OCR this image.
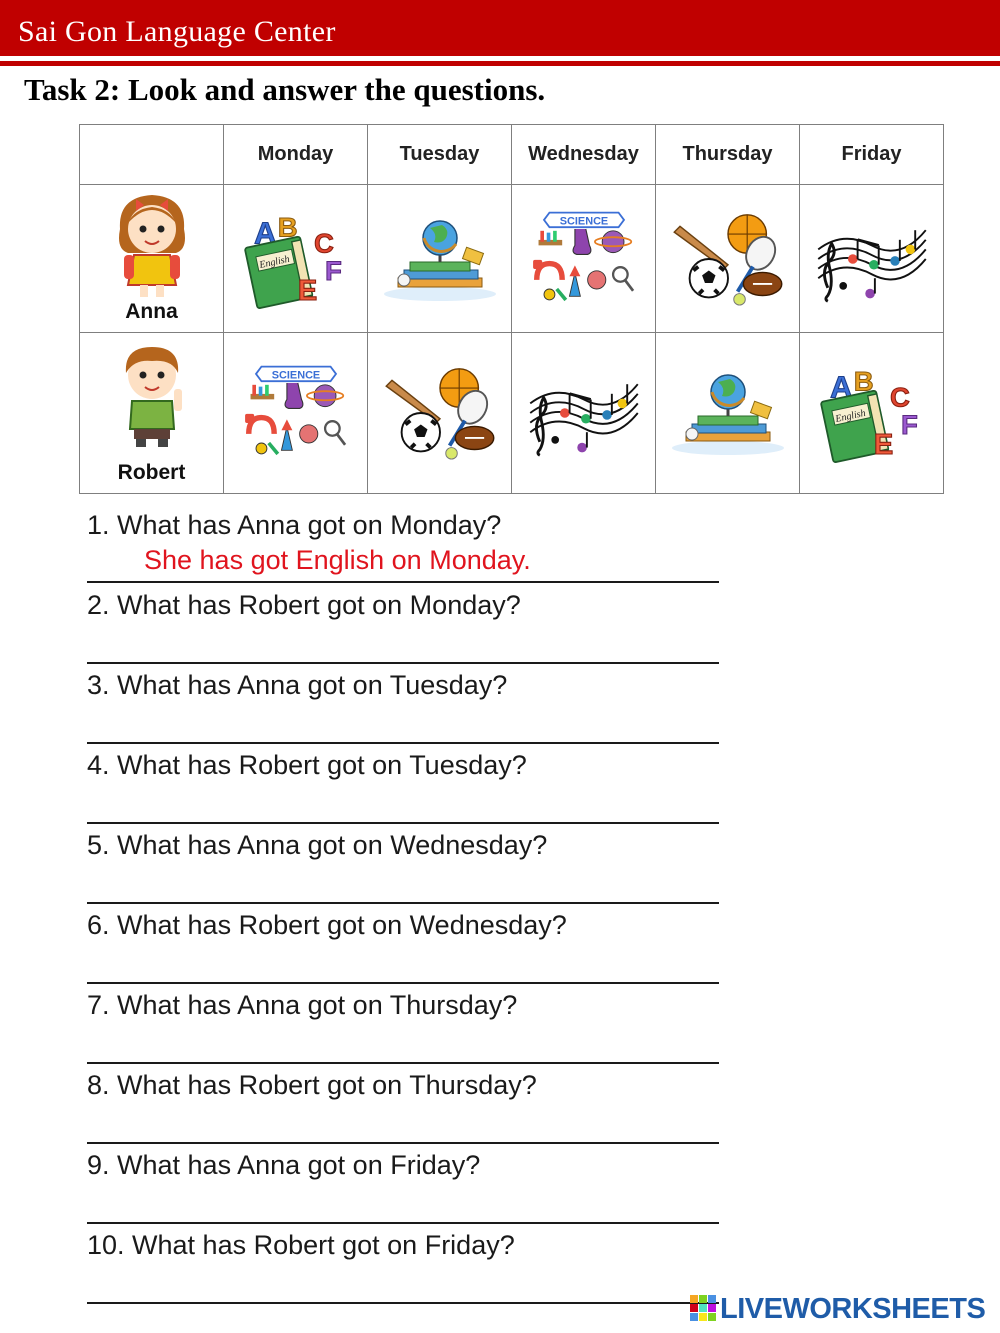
Sai Gon Language Center
Task 2: Look and answer the questions.
	Monday	Tuesday	Wednesday	Thursday	Friday

Anna

Robert

1. What has Anna got on Monday?
She has got English on Monday.
2. What has Robert got on Monday?
3. What has Anna got on Tuesday?
4. What has Robert got on Tuesday?
5. What has Anna got on Wednesday?
6. What has Robert got on Wednesday?
7. What has Anna got on Thursday?
8. What has Robert got on Thursday?
9. What has Anna got on Friday?
10. What has Robert got on Friday?
LIVEWORKSHEETS
